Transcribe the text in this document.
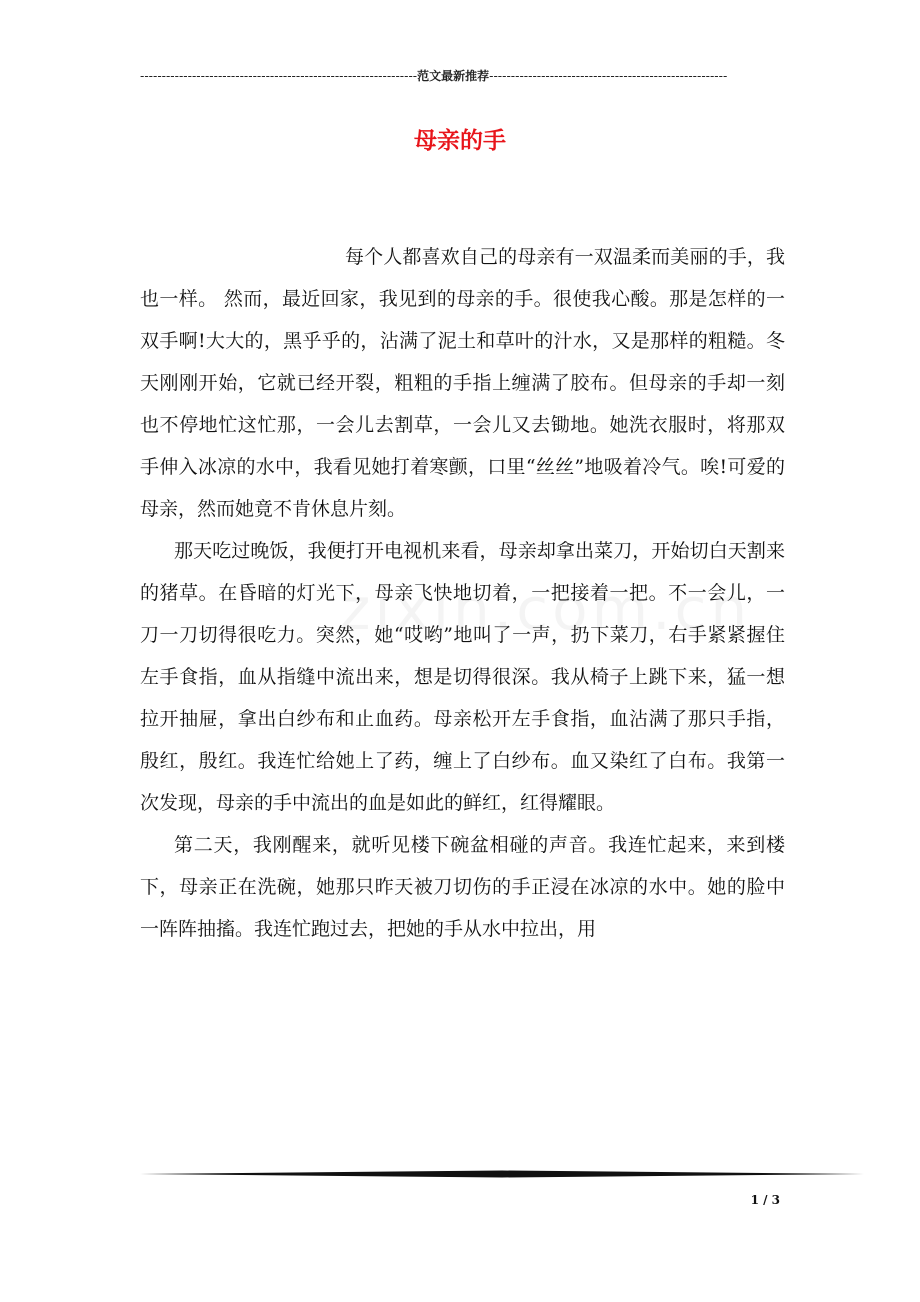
----------------------------------------------------------------范文最新推荐-------------------------------------------------------
母亲的手

每个人都喜欢自己的母亲有一双温柔而美丽的手，我也一样。 然而，最近回家，我见到的母亲的手。很使我心酸。那是怎样的一双手啊!大大的，黑乎乎的，沾满了泥土和草叶的汁水，又是那样的粗糙。冬天刚刚开始，它就已经开裂，粗粗的手指上缠满了胶布。但母亲的手却一刻也不停地忙这忙那，一会儿去割草，一会儿又去锄地。她洗衣服时，将那双手伸入冰凉的水中，我看见她打着寒颤，口里“丝丝”地吸着冷气。唉!可爱的母亲，然而她竟不肯休息片刻。

那天吃过晚饭，我便打开电视机来看，母亲却拿出菜刀，开始切白天割来的猪草。在昏暗的灯光下，母亲飞快地切着，一把接着一把。不一会儿，一刀一刀切得很吃力。突然，她“哎哟”地叫了一声，扔下菜刀，右手紧紧握住左手食指，血从指缝中流出来，想是切得很深。我从椅子上跳下来，猛一想拉开抽屉，拿出白纱布和止血药。母亲松开左手食指，血沾满了那只手指，殷红，殷红。我连忙给她上了药，缠上了白纱布。血又染红了白布。我第一次发现，母亲的手中流出的血是如此的鲜红，红得耀眼。

第二天，我刚醒来，就听见楼下碗盆相碰的声音。我连忙起来，来到楼下，母亲正在洗碗，她那只昨天被刀切伤的手正浸在冰凉的水中。她的脸中一阵阵抽搐。我连忙跑过去，把她的手从水中拉出，用

1 / 3
